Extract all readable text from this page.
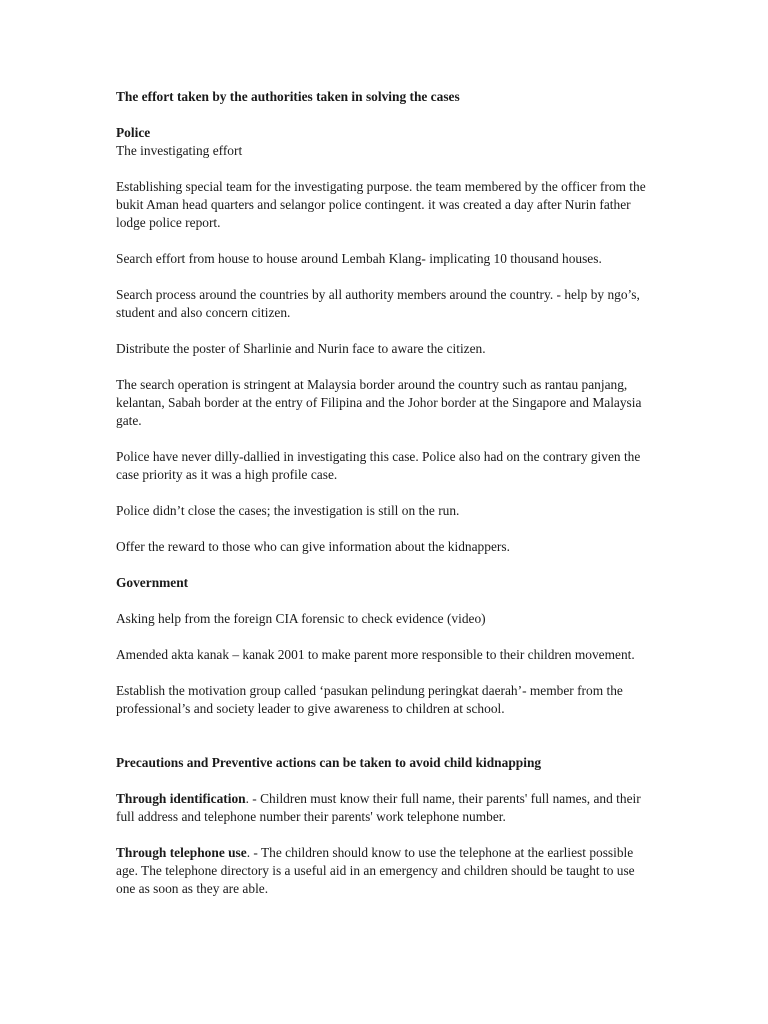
The effort taken by the authorities taken in solving the cases

Police

The investigating effort

Establishing special team for the investigating purpose. the team membered by the officer from the bukit Aman head quarters and selangor police contingent. it was created a day after Nurin father lodge police report.

Search effort from house to house around Lembah Klang- implicating 10 thousand houses.

Search process around the countries by all authority members around the country. - help by ngo’s, student and also concern citizen.

Distribute the poster of Sharlinie and Nurin face to aware the citizen.

The search operation is stringent at Malaysia border around the country such as rantau panjang, kelantan, Sabah border at the entry of Filipina and the Johor border at the Singapore and Malaysia gate.

Police have never dilly-dallied in investigating this case. Police also had on the contrary given the case priority as it was a high profile case.

Police didn’t close the cases; the investigation is still on the run.

Offer the reward to those who can give information about the kidnappers.

Government

Asking help from the foreign CIA forensic to check evidence (video)

Amended akta kanak – kanak 2001 to make parent more responsible to their children movement.

Establish the motivation group called ‘pasukan pelindung peringkat daerah’- member from the professional’s and society leader to give awareness to children at school.

Precautions and Preventive actions can be taken to avoid child kidnapping

Through identification. - Children must know their full name, their parents' full names, and their full address and telephone number their parents' work telephone number.

Through telephone use. - The children should know to use the telephone at the earliest possible age. The telephone directory is a useful aid in an emergency and children should be taught to use one as soon as they are able.
